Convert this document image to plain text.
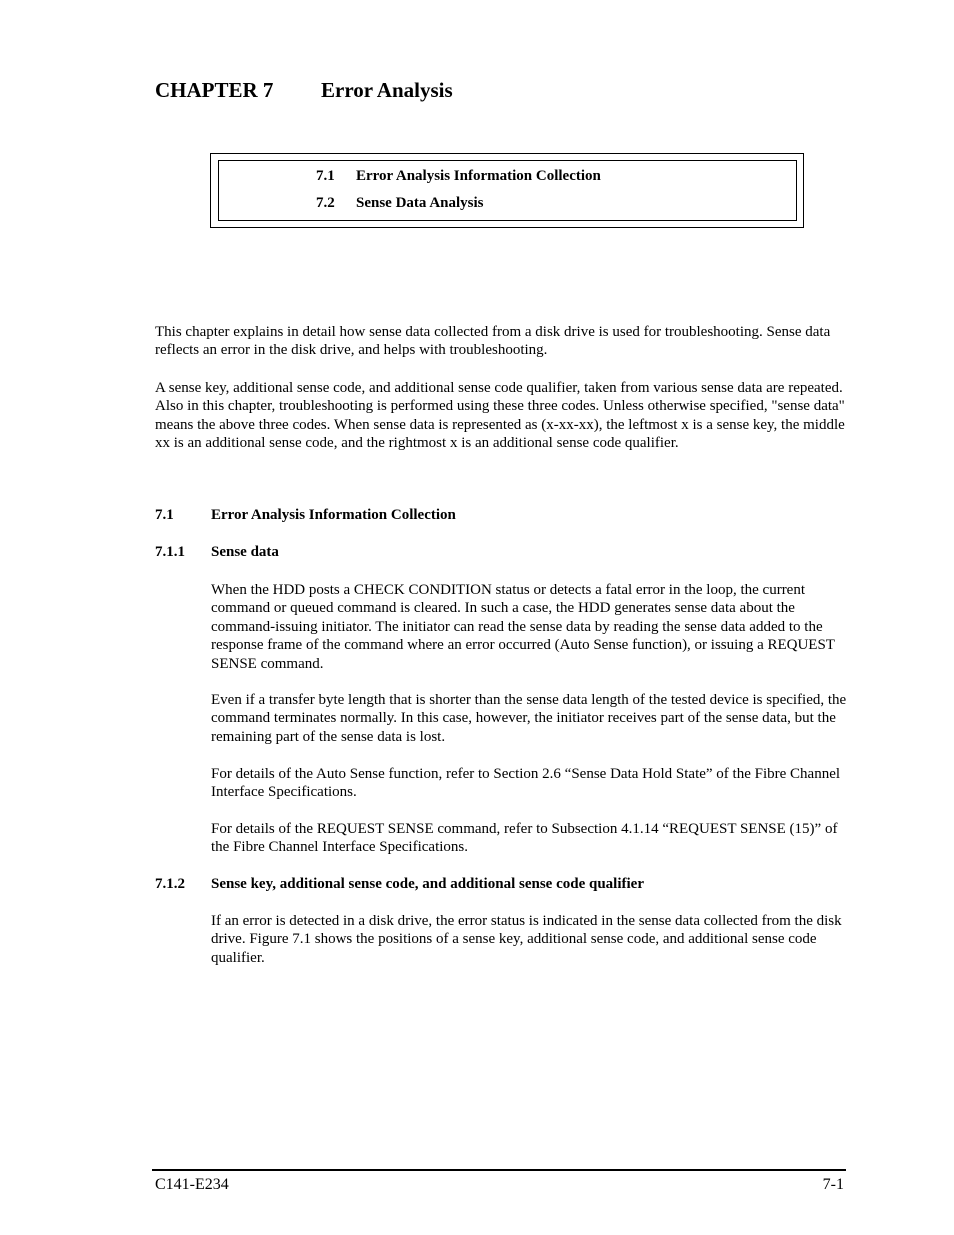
CHAPTER 7 Error Analysis
7.1 Error Analysis Information Collection
7.2 Sense Data Analysis

This chapter explains in detail how sense data collected from a disk drive is used for troubleshooting. Sense data reflects an error in the disk drive, and helps with troubleshooting.

A sense key, additional sense code, and additional sense code qualifier, taken from various sense data are repeated. Also in this chapter, troubleshooting is performed using these three codes. Unless otherwise specified, "sense data" means the above three codes. When sense data is represented as (x-xx-xx), the leftmost x is a sense key, the middle xx is an additional sense code, and the rightmost x is an additional sense code qualifier.

7.1 Error Analysis Information Collection
7.1.1 Sense data

When the HDD posts a CHECK CONDITION status or detects a fatal error in the loop, the current command or queued command is cleared. In such a case, the HDD generates sense data about the command-issuing initiator. The initiator can read the sense data by reading the sense data added to the response frame of the command where an error occurred (Auto Sense function), or issuing a REQUEST SENSE command.

Even if a transfer byte length that is shorter than the sense data length of the tested device is specified, the command terminates normally. In this case, however, the initiator receives part of the sense data, but the remaining part of the sense data is lost.

For details of the Auto Sense function, refer to Section 2.6 “Sense Data Hold State” of the Fibre Channel Interface Specifications.

For details of the REQUEST SENSE command, refer to Subsection 4.1.14 “REQUEST SENSE (15)” of the Fibre Channel Interface Specifications.

7.1.2 Sense key, additional sense code, and additional sense code qualifier

If an error is detected in a disk drive, the error status is indicated in the sense data collected from the disk drive. Figure 7.1 shows the positions of a sense key, additional sense code, and additional sense code qualifier.

C141-E234	7-1
